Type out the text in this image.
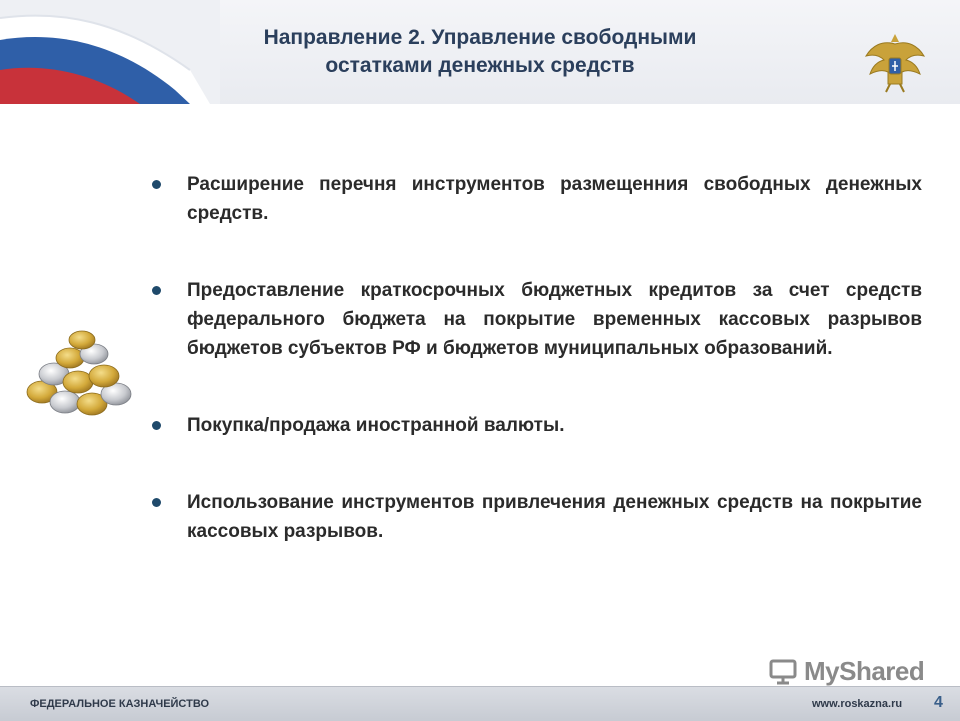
Направление 2. Управление свободными
остатками денежных средств
Расширение перечня инструментов размещенния свободных денежных средств.
Предоставление краткосрочных бюджетных кредитов за счет средств федерального бюджета на покрытие временных кассовых разрывов бюджетов субъектов РФ и бюджетов муниципальных образований.
Покупка/продажа иностранной валюты.
Использование инструментов привлечения денежных средств на покрытие кассовых разрывов.
MyShared
ФЕДЕРАЛЬНОЕ КАЗНАЧЕЙСТВО	www.roskazna.ru 4
